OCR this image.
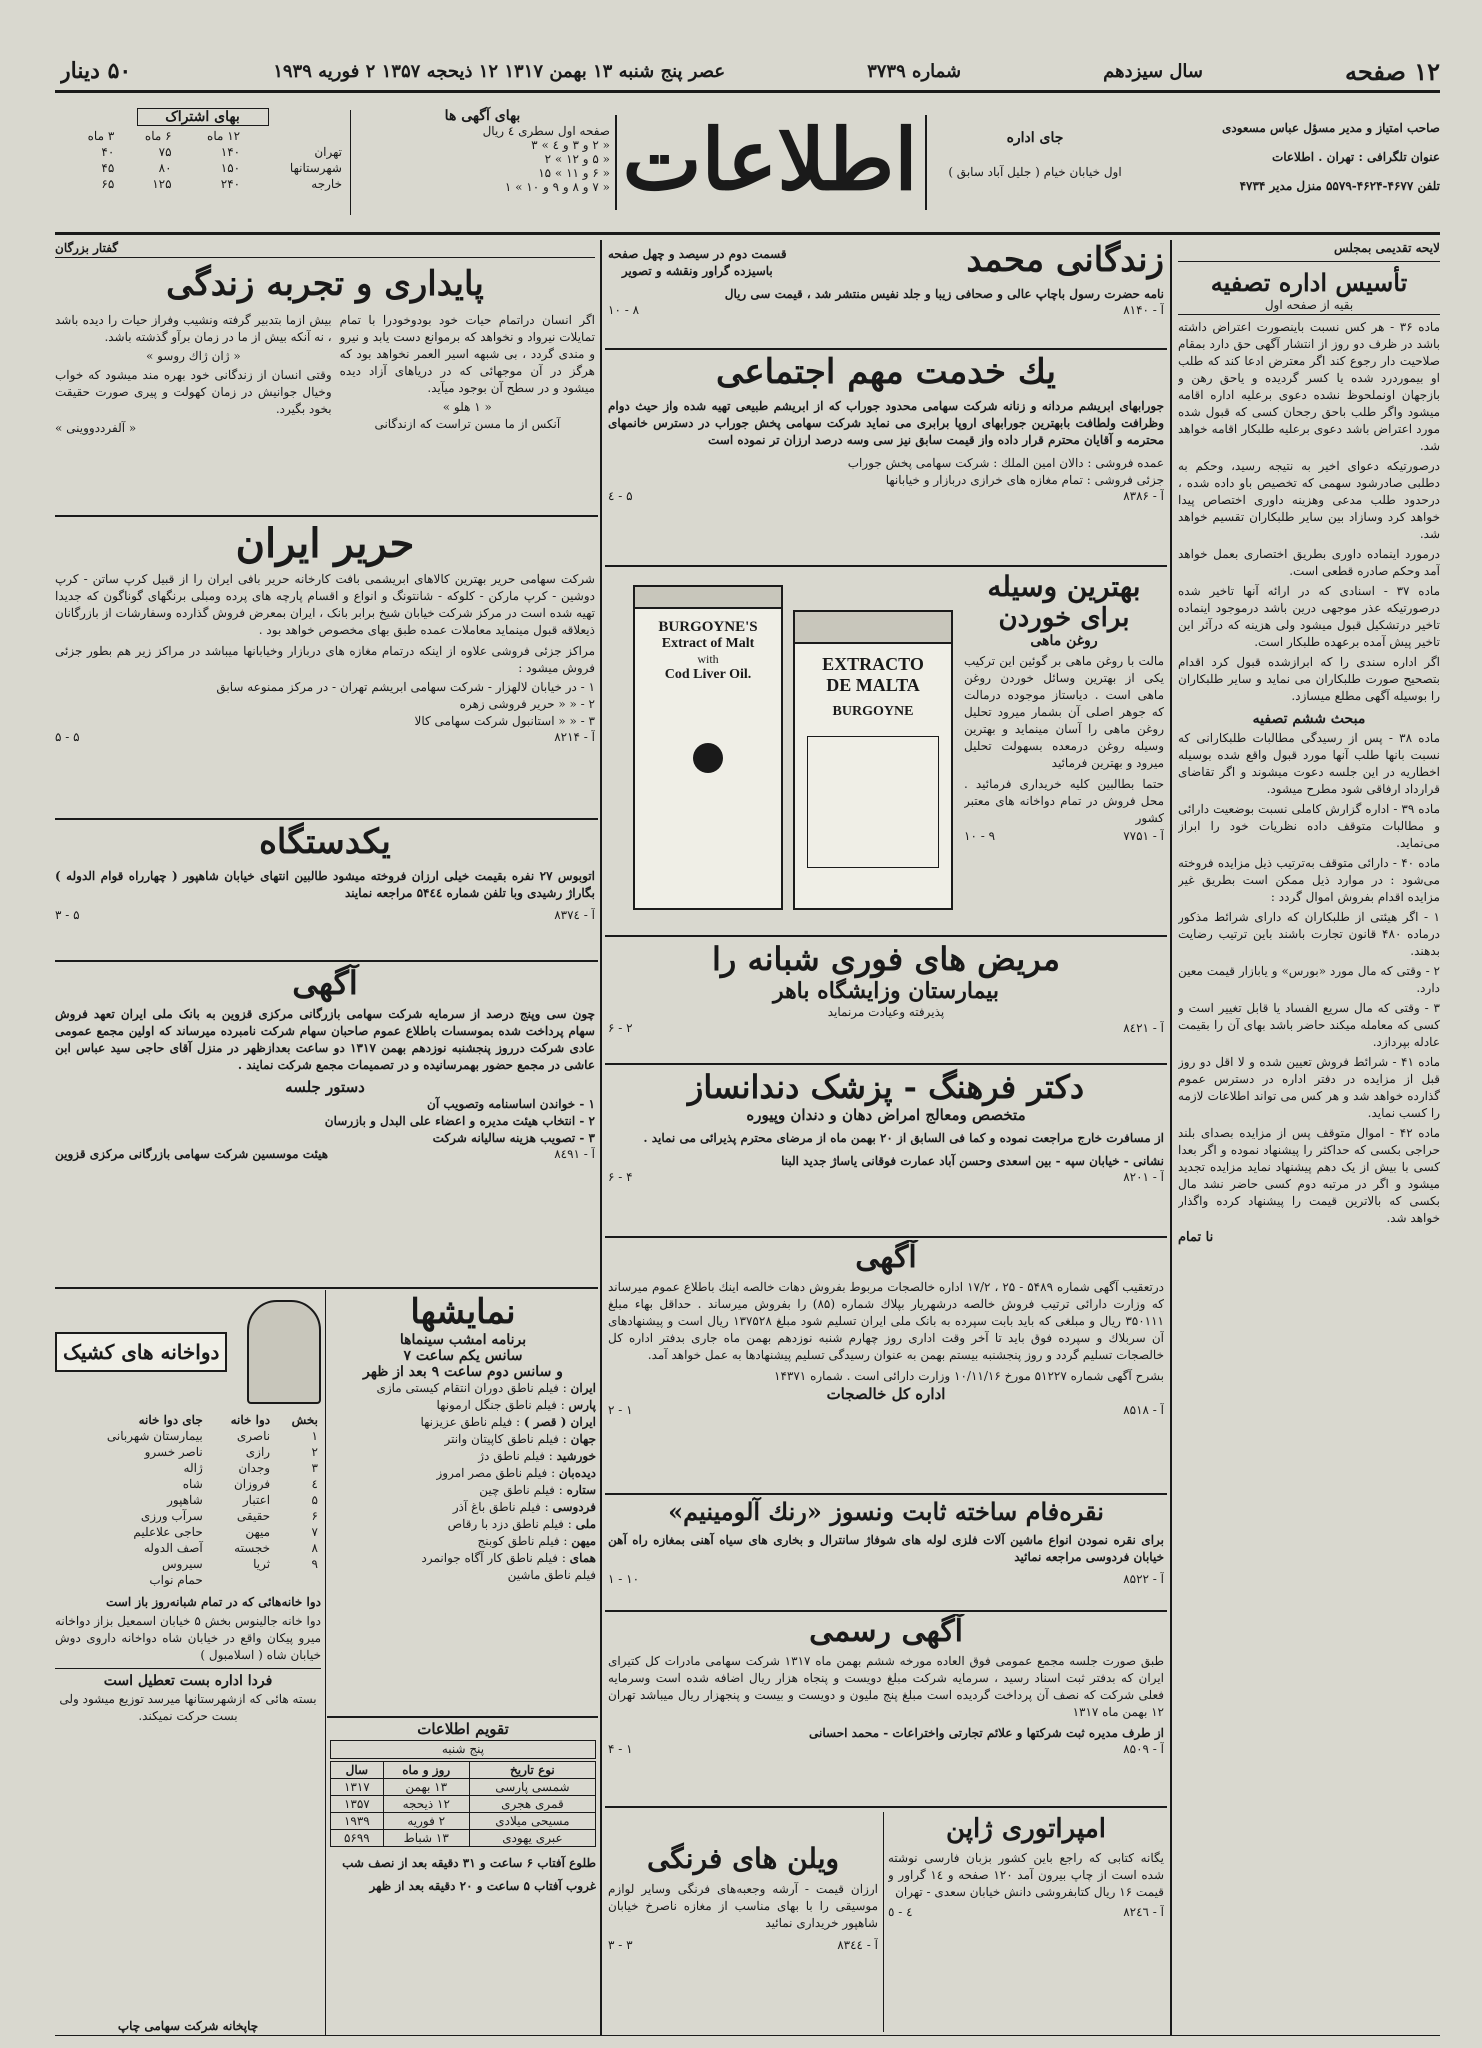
۱۲ صفحه
سال سیزدهم
شماره ۳۷۳۹
عصر پنج شنبه ۱۳ بهمن ۱۳۱۷ ۱۲ ذیحجه ۱۳۵۷ ۲ فوریه ۱۹۳۹
۵۰ دینار
صاحب امتیاز و مدیر مسؤل عباس مسعودی
عنوان تلگرافی : تهران . اطلاعات
تلفن ۴۶۷۷-۴۶۲۴-۵۵۷۹ منزل مدیر ۴۷۳۴
جای اداره
اول خیابان خیام ( جلیل آباد سابق )
اطلاعات
بهای آگهی ها
صفحه اول سطری ٤ ریال
« ۲ و ۳ و ٤ » ۳
« ۵ و ۱۲ » ۲
« ۶ و ۱۱ » ۱۵
« ۷ و ۸ و ۹ و ۱۰ » ۱
بهای اشتراک
	۱۲ ماه	۶ ماه	۳ ماه
تهران	۱۴۰	۷۵	۴۰
شهرستانها	۱۵۰	۸۰	۴۵
خارجه	۲۴۰	۱۲۵	۶۵
لایحه تقدیمی بمجلس
تأسیس اداره تصفیه
بقیه از صفحه اول

ماده ۳۶ - هر کس نسبت باینصورت اعتراض داشته باشد در ظرف دو روز از انتشار آگهی حق دارد بمقام صلاحیت دار رجوع کند اگر معترض ادعا کند که طلب او بیموردرد شده یا کسر گردیده و یاحق رهن و بازجهان اونملحوظ نشده دعوی برعلیه اداره اقامه میشود واگر طلب باحق رجحان کسی که قبول شده مورد اعتراض باشد دعوی برعلیه طلبکار اقامه خواهد شد.

درصورتیکه دعوای اخیر به نتیجه رسید، وحکم به دطلبی صادرشود سهمی که تخصیص باو داده شده ، درحدود طلب مدعی وهزینه داوری اختصاص پیدا خواهد کرد وسازاد بین سایر طلبکاران تقسیم خواهد شد.

درمورد اینماده داوری بطریق اختصاری بعمل خواهد آمد وحکم صادره قطعی است.

ماده ۳۷ - اسنادی که در ارائه آنها تاخیر شده درصورتیکه عذر موجهی درین باشد درموجود اینماده تاخیر درتشکیل قبول میشود ولی هزینه که درآثر این تاخیر پیش آمده برعهده طلبکار است.

اگر اداره سندی را که ابرازشده قبول کرد اقدام بتصحیح صورت طلبکاران می نماید و سایر طلبکاران را بوسیله آگهی مطلع میسازد.

مبحث ششم تصفیه

ماده ۳۸ - پس از رسیدگی مطالبات طلبکارانی که نسبت بانها طلب آنها مورد قبول واقع شده بوسیله اخطاریه در این جلسه دعوت میشوند و اگر تقاضای قرارداد ارفاقی شود مطرح میشود.

ماده ۳۹ - اداره گزارش کاملی نسبت بوضعیت دارائی و مطالبات متوقف داده نظریات خود را ابراز می‌نماید.

ماده ۴۰ - دارائی متوقف به‌ترتیب ذیل مزایده فروخته می‌شود : در موارد ذیل ممکن است بطریق غیر مزایده اقدام بفروش اموال گردد :

۱ - اگر هیئتی از طلبکاران که دارای شرائط مذکور درماده ۴۸۰ قانون تجارت باشند باین ترتیب رضایت بدهند.

۲ - وقتی که مال مورد «بورس» و یابازار قیمت معین دارد.

۳ - وقتی که مال سریع الفساد یا قابل تغییر است و کسی که معامله میکند حاضر باشد بهای آن را بقیمت عادله بپردازد.

ماده ۴۱ - شرائط فروش تعیین شده و لا اقل دو روز قبل از مزایده در دفتر اداره در دسترس عموم گذارده خواهد شد و هر کس می تواند اطلاعات لازمه را کسب نماید.

ماده ۴۲ - اموال متوقف پس از مزایده بصدای بلند حراجی بکسی که حداکثر را پیشنهاد نموده و اگر بعدا کسی با بیش از یک دهم پیشنهاد نماید مزایده تجدید میشود و اگر در مرتبه دوم کسی حاضر نشد مال بکسی که بالاترین قیمت را پیشنهاد کرده واگذار خواهد شد.

نا تمام
زندگانی محمد
قسمت دوم در سیصد و چهل صفحه
باسیزده گراور ونقشه و تصویر
نامه حضرت رسول باچاپ عالی و صحافی زیبا و جلد نفیس منتشر شد ، قیمت سی ریال
آ - ۸۱۴۰
۸ - ۱۰
یك خدمت مهم اجتماعی

جورابهای ابریشم مردانه و زنانه شرکت سهامی محدود جوراب که از ابریشم طبیعی تهیه شده واز حیث دوام وظرافت ولطافت بابهترین جورابهای اروپا برابری می نماید شرکت سهامی پخش جوراب در دسترس خانمهای محترمه و آقایان محترم قرار داده واز قیمت سابق نیز سی وسه درصد ارزان تر نموده است

عمده فروشی : دالان امین الملك : شرکت سهامی پخش جوراب
جزئی فروشی : تمام مغازه های خرازی دربازار و خیابانها
آ - ۸۳۸۶
۵ - ٤
بهترین وسیله
برای خوردن
روغن ماهی

مالت با روغن ماهی بر گوئین این ترکیب یکی از بهترین وسائل خوردن روغن ماهی است . دیاستاز موجوده درمالت که جوهر اصلی آن بشمار میرود تحلیل روغن ماهی را آسان مینماید و بهترین وسیله روغن درمعده بسهولت تحلیل میرود و بهترین فرمائید

حتما بطالبین کلیه خریداری فرمائید . محل فروش در تمام دواخانه های معتبر کشور

آ - ۷۷۵۱
۹ - ۱۰
BURGOYNE'S
Extract of Malt
with
Cod Liver Oil.
EXTRACTO
DE MALTA
BURGOYNE
مریض های فوری شبانه را
بیمارستان وزایشگاه باهر
پذیرفته وعیادت مرنماید
آ - ۸٤۲۱
۲ - ۶
دکتر فرهنگ - پزشک دندانساز
متخصص ومعالج امراض دهان و دندان وپیوره

از مسافرت خارج مراجعت نموده و کما فی السابق از ۲۰ بهمن ماه از مرضای محترم پذیرائی می نماید .

نشانی - خیابان سپه - بین اسعدی وحسن آباد عمارت فوقانی یاساژ جدید البنا
آ - ۸۲۰۱
۴ - ۶
آگهی

درتعقیب آگهی شماره ۵۴۸۹ - ۲۵ ، ۱۷/۲ اداره خالصجات مربوط بفروش دهات خالصه اینك باطلاع عموم میرساند که وزارت دارائی ترتیب فروش خالصه درشهریار بپلاك شماره (۸۵) را بفروش میرساند . حداقل بهاء مبلغ ۳۵۰۱۱۱ ریال و مبلغی که باید بابت سپرده به بانک ملی ایران تسلیم شود مبلغ ۱۳۷۵۲۸ ریال است و پیشنهادهای آن سربلاك و سپرده فوق باید تا آخر وقت اداری روز چهارم شنبه نوزدهم بهمن ماه جاری بدفتر اداره کل خالصجات تسلیم گردد و روز پنجشنبه بیستم بهمن به عنوان رسیدگی تسلیم پیشنهادها به عمل خواهد آمد.

بشرح آگهی شماره ۵۱۲۲۷ مورخ ۱۰/۱۱/۱۶ وزارت دارائی است . شماره ۱۴۳۷۱
اداره کل خالصجات
آ - ۸۵۱۸
۱ - ۲
نقره‌فام ساخته ثابت ونسوز «رنك آلومینیم»

برای نقره نمودن انواع ماشین آلات فلزی لوله های شوفاژ سانترال و بخاری های سیاه آهنی بمغازه راه آهن خیابان فردوسی مراجعه نمائید

آ - ۸۵۲۲
۱۰ - ۱
آگهی رسمی

طبق صورت جلسه مجمع عمومی فوق العاده مورخه ششم بهمن ماه ۱۳۱۷ شرکت سهامی مادرات کل کتیرای ایران که بدفتر ثبت اسناد رسید ، سرمایه شرکت مبلغ دویست و پنجاه هزار ریال اضافه شده است وسرمایه فعلی شرکت که نصف آن پرداخت گردیده است مبلغ پنج ملیون و دویست و بیست و پنجهزار ریال میباشد تهران ۱۲ بهمن ماه ۱۳۱۷

از طرف مدیره ثبت شرکتها و علائم تجارتی واختراعات - محمد احسانی
آ - ۸۵۰۹
۱ - ۴
امپراتوری ژاپن

یگانه کتابی که راجع باین کشور بزبان فارسی نوشته شده است از چاپ بیرون آمد ۱۲۰ صفحه و ۱٤ گراور و قیمت ۱۶ ریال کتابفروشی دانش خیابان سعدی - تهران

آ - ۸۲٤٦
٤ - ٥
ویلن های فرنگی

ارزان قیمت - آرشه وجعبه‌های فرنگی وسایر لوازم موسیقی را با بهای مناسب از مغازه ناصرخ خیابان شاهپور خریداری نمائید

آ - ۸۳٤٤
۳ - ۳
گفتار بزرگان
پایداری و تجربه زندگی

اگر انسان دراتمام حیات خود بودوخودرا با تمام تمایلات نیرواد و نخواهد که برموانع دست یابد و نیرو و مندی گردد ، بی شبهه اسیر العمر نخواهد بود که هرگز در آن موجهائی که در دریاهای آزاد دیده میشود و در سطح آن بوجود میآید.

« ۱ هلو »
آنکس از ما مسن تراست که ازندگانی

بیش ازما بتدبیر گرفته ونشیب وفراز حیات را دیده باشد ، نه آنکه بیش از ما در زمان برآو گذشته باشد.

« ژان ژاك روسو »

وقتی انسان از زندگانی خود بهره مند میشود که خواب وخیال جوانیش در زمان کهولت و پیری صورت حقیقت بخود بگیرد.

« آلفرددووینی »
حریر ایران

شرکت سهامی حریر بهترین کالاهای ابریشمی بافت کارخانه حریر بافی ایران را از قبیل کرپ ساتن - کرپ دوشین - کرپ مارکن - کلوکه - شانتونگ و انواع و اقسام پارچه های پرده ومبلی برنگهای گوناگون که جدیدا تهیه شده است در مرکز شرکت خیابان شیخ برابر بانک ، ایران بمعرض فروش گذارده وسفارشات از بازرگانان ذیعلاقه قبول مینماید معاملات عمده طبق بهای مخصوص خواهد بود .

مراکز جزئی فروشی علاوه از اینکه درتمام مغازه های دربازار وخیابانها میباشد در مراکز زیر هم بطور جزئی فروش میشود :

۱ - در خیابان لالهزار - شرکت سهامی ابریشم تهران - در مرکز ممنوعه سابق
۲ - « « حریر فروشی زهره
۳ - « « استانبول شرکت سهامی کالا
آ - ۸۲۱۴
۵ - ۵
یکدستگاه

اتوبوس ۲۷ نفره بقیمت خیلی ارزان فروخته میشود طالبین انتهای خیابان شاهپور ( چهارراه قوام الدوله ) بگاراژ رشیدی وبا تلفن شماره ۵۴٤٤ مراجعه نمایند

آ - ۸۳۷٤
۵ - ۳
آگهی

چون سی وپنج درصد از سرمایه شرکت سهامی بازرگانی مرکزی قزوین به بانک ملی ایران تعهد فروش سهام پرداخت شده بموسسات باطلاع عموم صاحبان سهام شرکت نامبرده میرساند که اولین مجمع عمومی عادی شرکت درروز پنجشنبه نوزدهم بهمن ۱۳۱۷ دو ساعت بعدازظهر در منزل آقای حاجی سید عباس ابن عاشی در مجمع حضور بهمرسانیده و در تصمیمات مجمع شرکت نمایند .

دستور جلسه
۱ - خواندن اساسنامه وتصویب آن
۲ - انتخاب هیئت مدیره و اعضاء علی البدل و بازرسان
۳ - تصویب هزینه سالیانه شرکت
آ - ۸٤۹۱
هیئت موسسین شرکت سهامی بازرگانی مرکزی قزوین
نمایشها
برنامه امشب سینماها
سانس یکم ساعت ۷
و سانس دوم ساعت ۹ بعد از ظهر
ایران : فیلم ناطق دوران انتقام کیستی مازی
پارس : فیلم ناطق جنگل ارمونها
ایران ( قصر ) : فیلم ناطق عزیزنها
جهان : فیلم ناطق کاپیتان وانتر
خورشید : فیلم ناطق دژ
دیده‌بان : فیلم ناطق مصر امروز
ستاره : فیلم ناطق چین
فردوسی : فیلم ناطق باغ آذر
ملی : فیلم ناطق دزد با رقاص
میهن : فیلم ناطق کوبنج
همای : فیلم ناطق کار آگاه جوانمرد
فیلم ناطق ماشین
تقویم اطلاعات
پنج شنبه
نوع تاریخ	روز و ماه	سال
شمسی پارسی	۱۳ بهمن	۱۳۱۷
قمری هجری	۱۲ ذیحجه	۱۳۵۷
مسیحی میلادی	۲ فوریه	۱۹۳۹
عبری یهودی	۱۳ شباط	۵۶۹۹
طلوع آفتاب ۶ ساعت و ۳۱ دقیقه بعد از نصف شب
غروب آفتاب ۵ ساعت و ۲۰ دقیقه بعد از ظهر
دواخانه های کشیک
بخش	دوا خانه	جای دوا خانه
۱	ناصری	بیمارستان شهربانی
۲	رازی	ناصر خسرو
۳	وجدان	ژاله
٤	فروزان	شاه
۵	اعتبار	شاهپور
۶	حقیقی	سرآب ورزی
۷	میهن	حاجی علاعلیم
۸	خجسته	آصف الدوله
۹	ثریا	سیروس
		حمام نواب
دوا خانه‌هائی که در تمام شبانه‌روز باز است

دوا خانه جالینوس بخش ۵ خیابان اسمعیل بزاز دواخانه میرو پیکان واقع در خیابان شاه دواخانه داروی دوش خیابان شاه ( اسلامبول )

فردا اداره بست تعطیل است

بسته هائی که ازشهرستانها میرسد توزیع میشود ولی بست حرکت نمیکند.

چاپخانه شرکت سهامی چاپ
